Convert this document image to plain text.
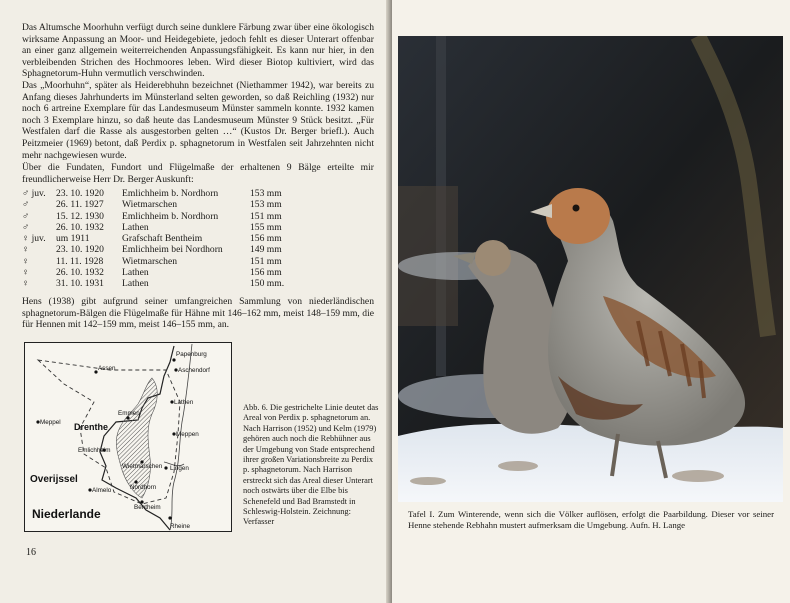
Das Altumsche Moorhuhn verfügt durch seine dunklere Färbung zwar über eine ökologisch wirksame Anpassung an Moor- und Heidegebiete, jedoch fehlt es dieser Unterart offenbar an einer ganz allgemein weiterreichenden Anpassungsfähigkeit. Es kann nur hier, in den verbleibenden Strichen des Hochmoores leben. Wird dieser Biotop kultiviert, wird das Sphagnetorum-Huhn vermutlich verschwinden.

Das „Moorhuhn“, später als Heiderebhuhn bezeichnet (Niethammer 1942), war bereits zu Anfang dieses Jahrhunderts im Münsterland selten geworden, so daß Reichling (1932) nur noch 6 artreine Exemplare für das Landesmuseum Münster sammeln konnte. 1932 kamen noch 3 Exemplare hinzu, so daß heute das Landesmuseum Münster 9 Stück besitzt. „Für Westfalen darf die Rasse als ausgestorben gelten …“ (Kustos Dr. Berger briefl.). Auch Peitzmeier (1969) betont, daß Perdix p. sphagnetorum in Westfalen seit Jahrzehnten nicht mehr nachgewiesen wurde.

Über die Fundaten, Fundort und Flügelmaße der erhaltenen 9 Bälge erteilte mir freundlicherweise Herr Dr. Berger Auskunft:

♂ juv.	23. 10. 1920	Emlichheim b. Nordhorn	153 mm
♂	26. 11. 1927	Wietmarschen	153 mm
♂	15. 12. 1930	Emlichheim b. Nordhorn	151 mm
♂	26. 10. 1932	Lathen	155 mm
♀ juv.	um 1911	Grafschaft Bentheim	156 mm
♀	23. 10. 1920	Emlichheim bei Nordhorn	149 mm
♀	11. 11. 1928	Wietmarschen	151 mm
♀	26. 10. 1932	Lathen	156 mm
♀	31. 10. 1931	Lathen	150 mm.

Hens (1938) gibt aufgrund seiner umfangreichen Sammlung von niederländischen sphagnetorum-Bälgen die Flügelmaße für Hähne mit 146–162 mm, meist 148–159 mm, die für Hennen mit 142–159 mm, meist 146–155 mm, an.

Papenburg
Aschendorf
Assen
Lathen
Meppel
Emmen
Meppen
Emlichheim
Wietmarschen Lingen
Nordhorn
Almelo
Bentheim
Rheine
Drenthe
Overijssel
Niederlande

Abb. 6. Die gestrichelte Linie deutet das Areal von Perdix p. sphagnetorum an. Nach Harrison (1952) und Kelm (1979) gehören auch noch die Rebhühner aus der Umgebung von Stade entsprechend ihrer großen Variationsbreite zu Perdix p. sphagnetorum. Nach Harrison erstreckt sich das Areal dieser Unterart noch ostwärts über die Elbe bis Schenefeld und Bad Bramstedt in Schleswig-Holstein. Zeichnung: Verfasser

16

Tafel I. Zum Winterende, wenn sich die Völker auflösen, erfolgt die Paarbildung. Dieser vor seiner Henne stehende Rebhahn mustert aufmerksam die Umgebung. Aufn. H. Lange
